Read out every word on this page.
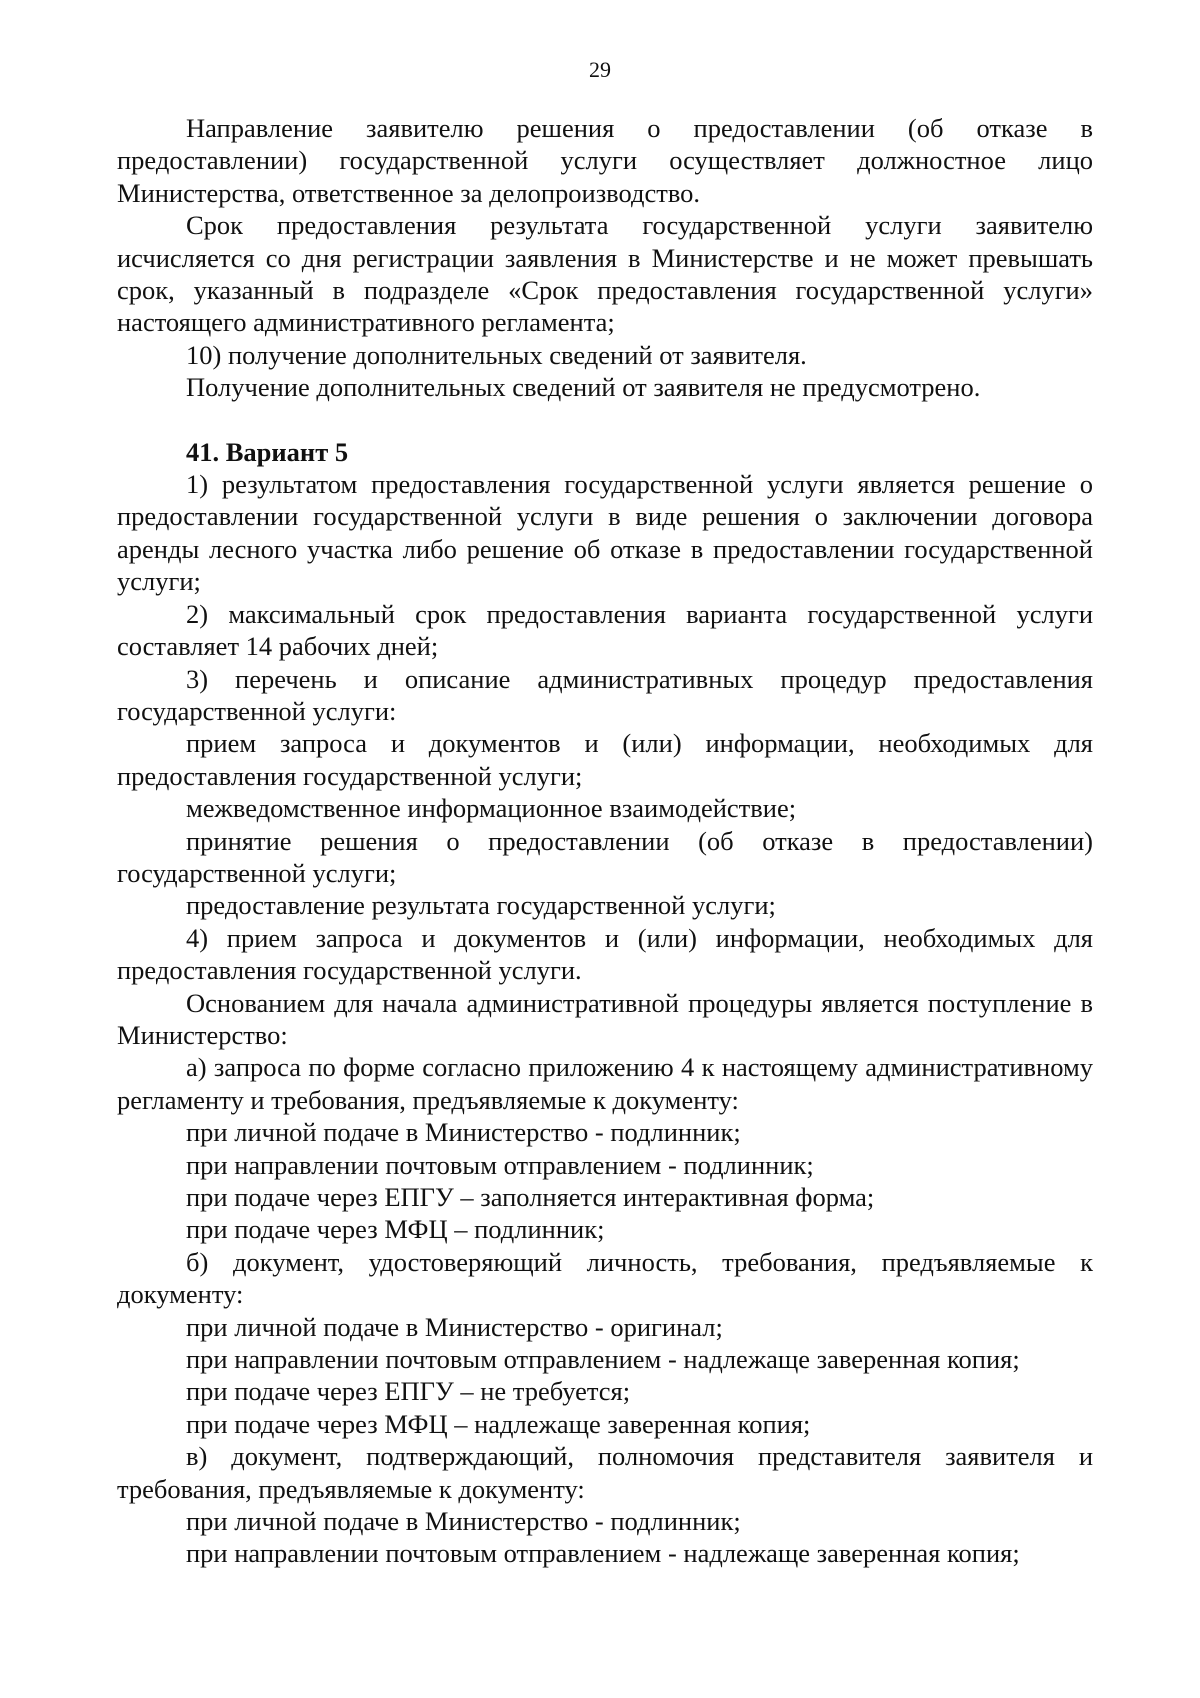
29

Направление заявителю решения о предоставлении (об отказе в предоставлении) государственной услуги осуществляет должностное лицо Министерства, ответственное за делопроизводство.

Срок предоставления результата государственной услуги заявителю исчисляется со дня регистрации заявления в Министерстве и не может превышать срок, указанный в подразделе «Срок предоставления государственной услуги» настоящего административного регламента;

10) получение дополнительных сведений от заявителя.

Получение дополнительных сведений от заявителя не предусмотрено.

41. Вариант 5

1) результатом предоставления государственной услуги является решение о предоставлении государственной услуги в виде решения о заключении договора аренды лесного участка либо решение об отказе в предоставлении государственной услуги;

2) максимальный срок предоставления варианта государственной услуги составляет 14 рабочих дней;

3) перечень и описание административных процедур предоставления государственной услуги:

прием запроса и документов и (или) информации, необходимых для предоставления государственной услуги;

межведомственное информационное взаимодействие;

принятие решения о предоставлении (об отказе в предоставлении) государственной услуги;

предоставление результата государственной услуги;

4) прием запроса и документов и (или) информации, необходимых для предоставления государственной услуги.

Основанием для начала административной процедуры является поступление в Министерство:

а) запроса по форме согласно приложению 4 к настоящему административному регламенту и требования, предъявляемые к документу:

при личной подаче в Министерство - подлинник;

при направлении почтовым отправлением - подлинник;

при подаче через ЕПГУ – заполняется интерактивная форма;

при подаче через МФЦ – подлинник;

б) документ, удостоверяющий личность, требования, предъявляемые к документу:

при личной подаче в Министерство - оригинал;

при направлении почтовым отправлением - надлежаще заверенная копия;

при подаче через ЕПГУ – не требуется;

при подаче через МФЦ – надлежаще заверенная копия;

в) документ, подтверждающий, полномочия представителя заявителя и требования, предъявляемые к документу:

при личной подаче в Министерство - подлинник;

при направлении почтовым отправлением - надлежаще заверенная копия;
